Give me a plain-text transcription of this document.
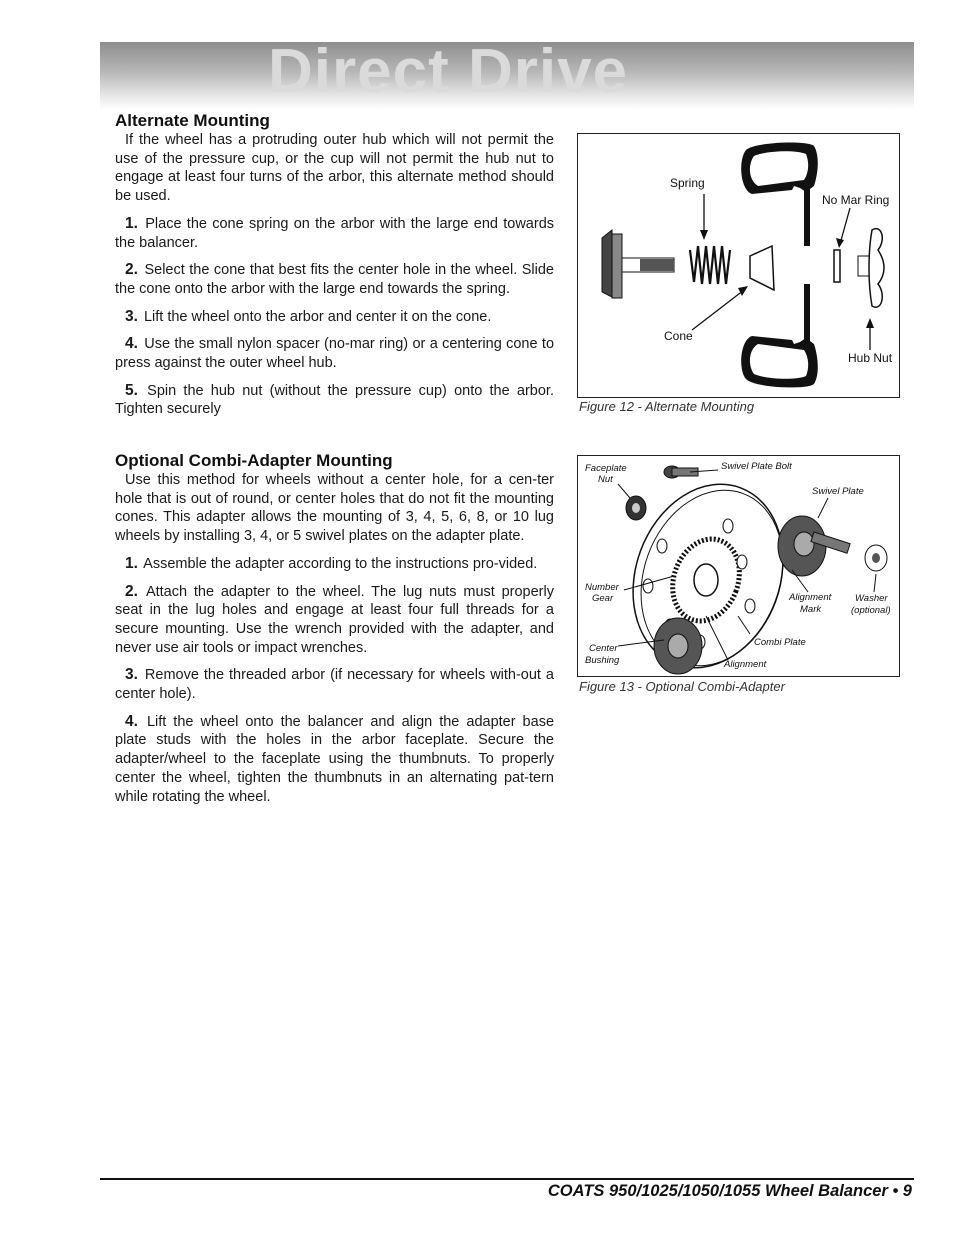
Direct Drive
Alternate Mounting

If the wheel has a protruding outer hub which will not permit the use of the pressure cup, or the cup will not permit the hub nut to engage at least four turns of the arbor, this alternate method should be used.

1. Place the cone spring on the arbor with the large end towards the balancer.

2. Select the cone that best fits the center hole in the wheel. Slide the cone onto the arbor with the large end towards the spring.

3. Lift the wheel onto the arbor and center it on the cone.

4. Use the small nylon spacer (no-mar ring) or a centering cone to press against the outer wheel hub.

5. Spin the hub nut (without the pressure cup) onto the arbor. Tighten securely

Optional Combi-Adapter Mounting

Use this method for wheels without a center hole, for a cen-ter hole that is out of round, or center holes that do not fit the mounting cones. This adapter allows the mounting of 3, 4, 5, 6, 8, or 10 lug wheels by installing 3, 4, or 5 swivel plates on the adapter plate.

1. Assemble the adapter according to the instructions pro-vided.

2. Attach the adapter to the wheel. The lug nuts must properly seat in the lug holes and engage at least four full threads for a secure mounting. Use the wrench provided with the adapter, and never use air tools or impact wrenches.

3. Remove the threaded arbor (if necessary for wheels with-out a center hole).

4. Lift the wheel onto the balancer and align the adapter base plate studs with the holes in the arbor faceplate. Secure the adapter/wheel to the faceplate using the thumbnuts. To properly center the wheel, tighten the thumbnuts in an alternating pat-tern while rotating the wheel.

Spring
No Mar Ring
Cone
Hub Nut
Figure 12 - Alternate Mounting
Faceplate
Nut
Swivel Plate Bolt
Swivel Plate
Number
Gear	Alignment
Mark
Washer
(optional)
Center
Bushing
Combi Plate
Alignment
Figure 13 - Optional Combi-Adapter
COATS 950/1025/1050/1055 Wheel Balancer • 9
